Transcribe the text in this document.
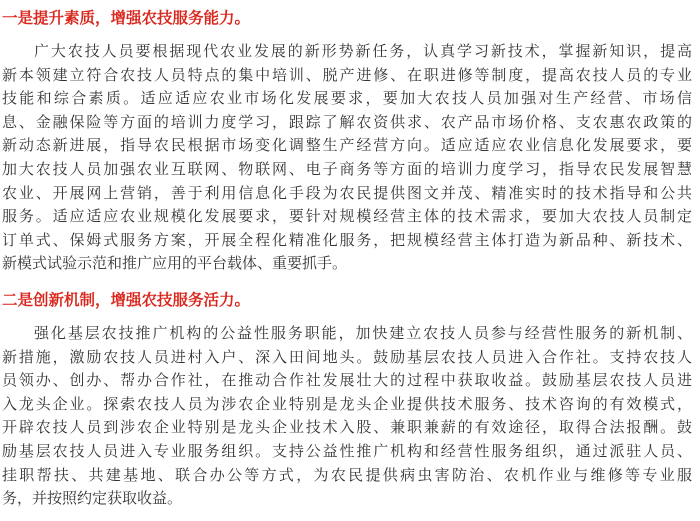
一是提升素质，增强农技服务能力。
广大农技人员要根据现代农业发展的新形势新任务，认真学习新技术，掌握新知识，提高
新本领建立符合农技人员特点的集中培训、脱产进修、在职进修等制度，提高农技人员的专业
技能和综合素质。适应适应农业市场化发展要求，要加大农技人员加强对生产经营、市场信
息、金融保险等方面的培训力度学习，跟踪了解农资供求、农产品市场价格、支农惠农政策的
新动态新进展，指导农民根据市场变化调整生产经营方向。适应适应农业信息化发展要求，要
加大农技人员加强农业互联网、物联网、电子商务等方面的培训力度学习，指导农民发展智慧
农业、开展网上营销，善于利用信息化手段为农民提供图文并茂、精准实时的技术指导和公共
服务。适应适应农业规模化发展要求，要针对规模经营主体的技术需求，要加大农技人员制定
订单式、保姆式服务方案，开展全程化精准化服务，把规模经营主体打造为新品种、新技术、
新模式试验示范和推广应用的平台载体、重要抓手。
二是创新机制，增强农技服务活力。
强化基层农技推广机构的公益性服务职能，加快建立农技人员参与经营性服务的新机制、
新措施，激励农技人员进村入户、深入田间地头。鼓励基层农技人员进入合作社。支持农技人
员领办、创办、帮办合作社，在推动合作社发展壮大的过程中获取收益。鼓励基层农技人员进
入龙头企业。探索农技人员为涉农企业特别是龙头企业提供技术服务、技术咨询的有效模式，
开辟农技人员到涉农企业特别是龙头企业技术入股、兼职兼薪的有效途径，取得合法报酬。鼓
励基层农技人员进入专业服务组织。支持公益性推广机构和经营性服务组织，通过派驻人员、
挂职帮扶、共建基地、联合办公等方式，为农民提供病虫害防治、农机作业与维修等专业服
务，并按照约定获取收益。
